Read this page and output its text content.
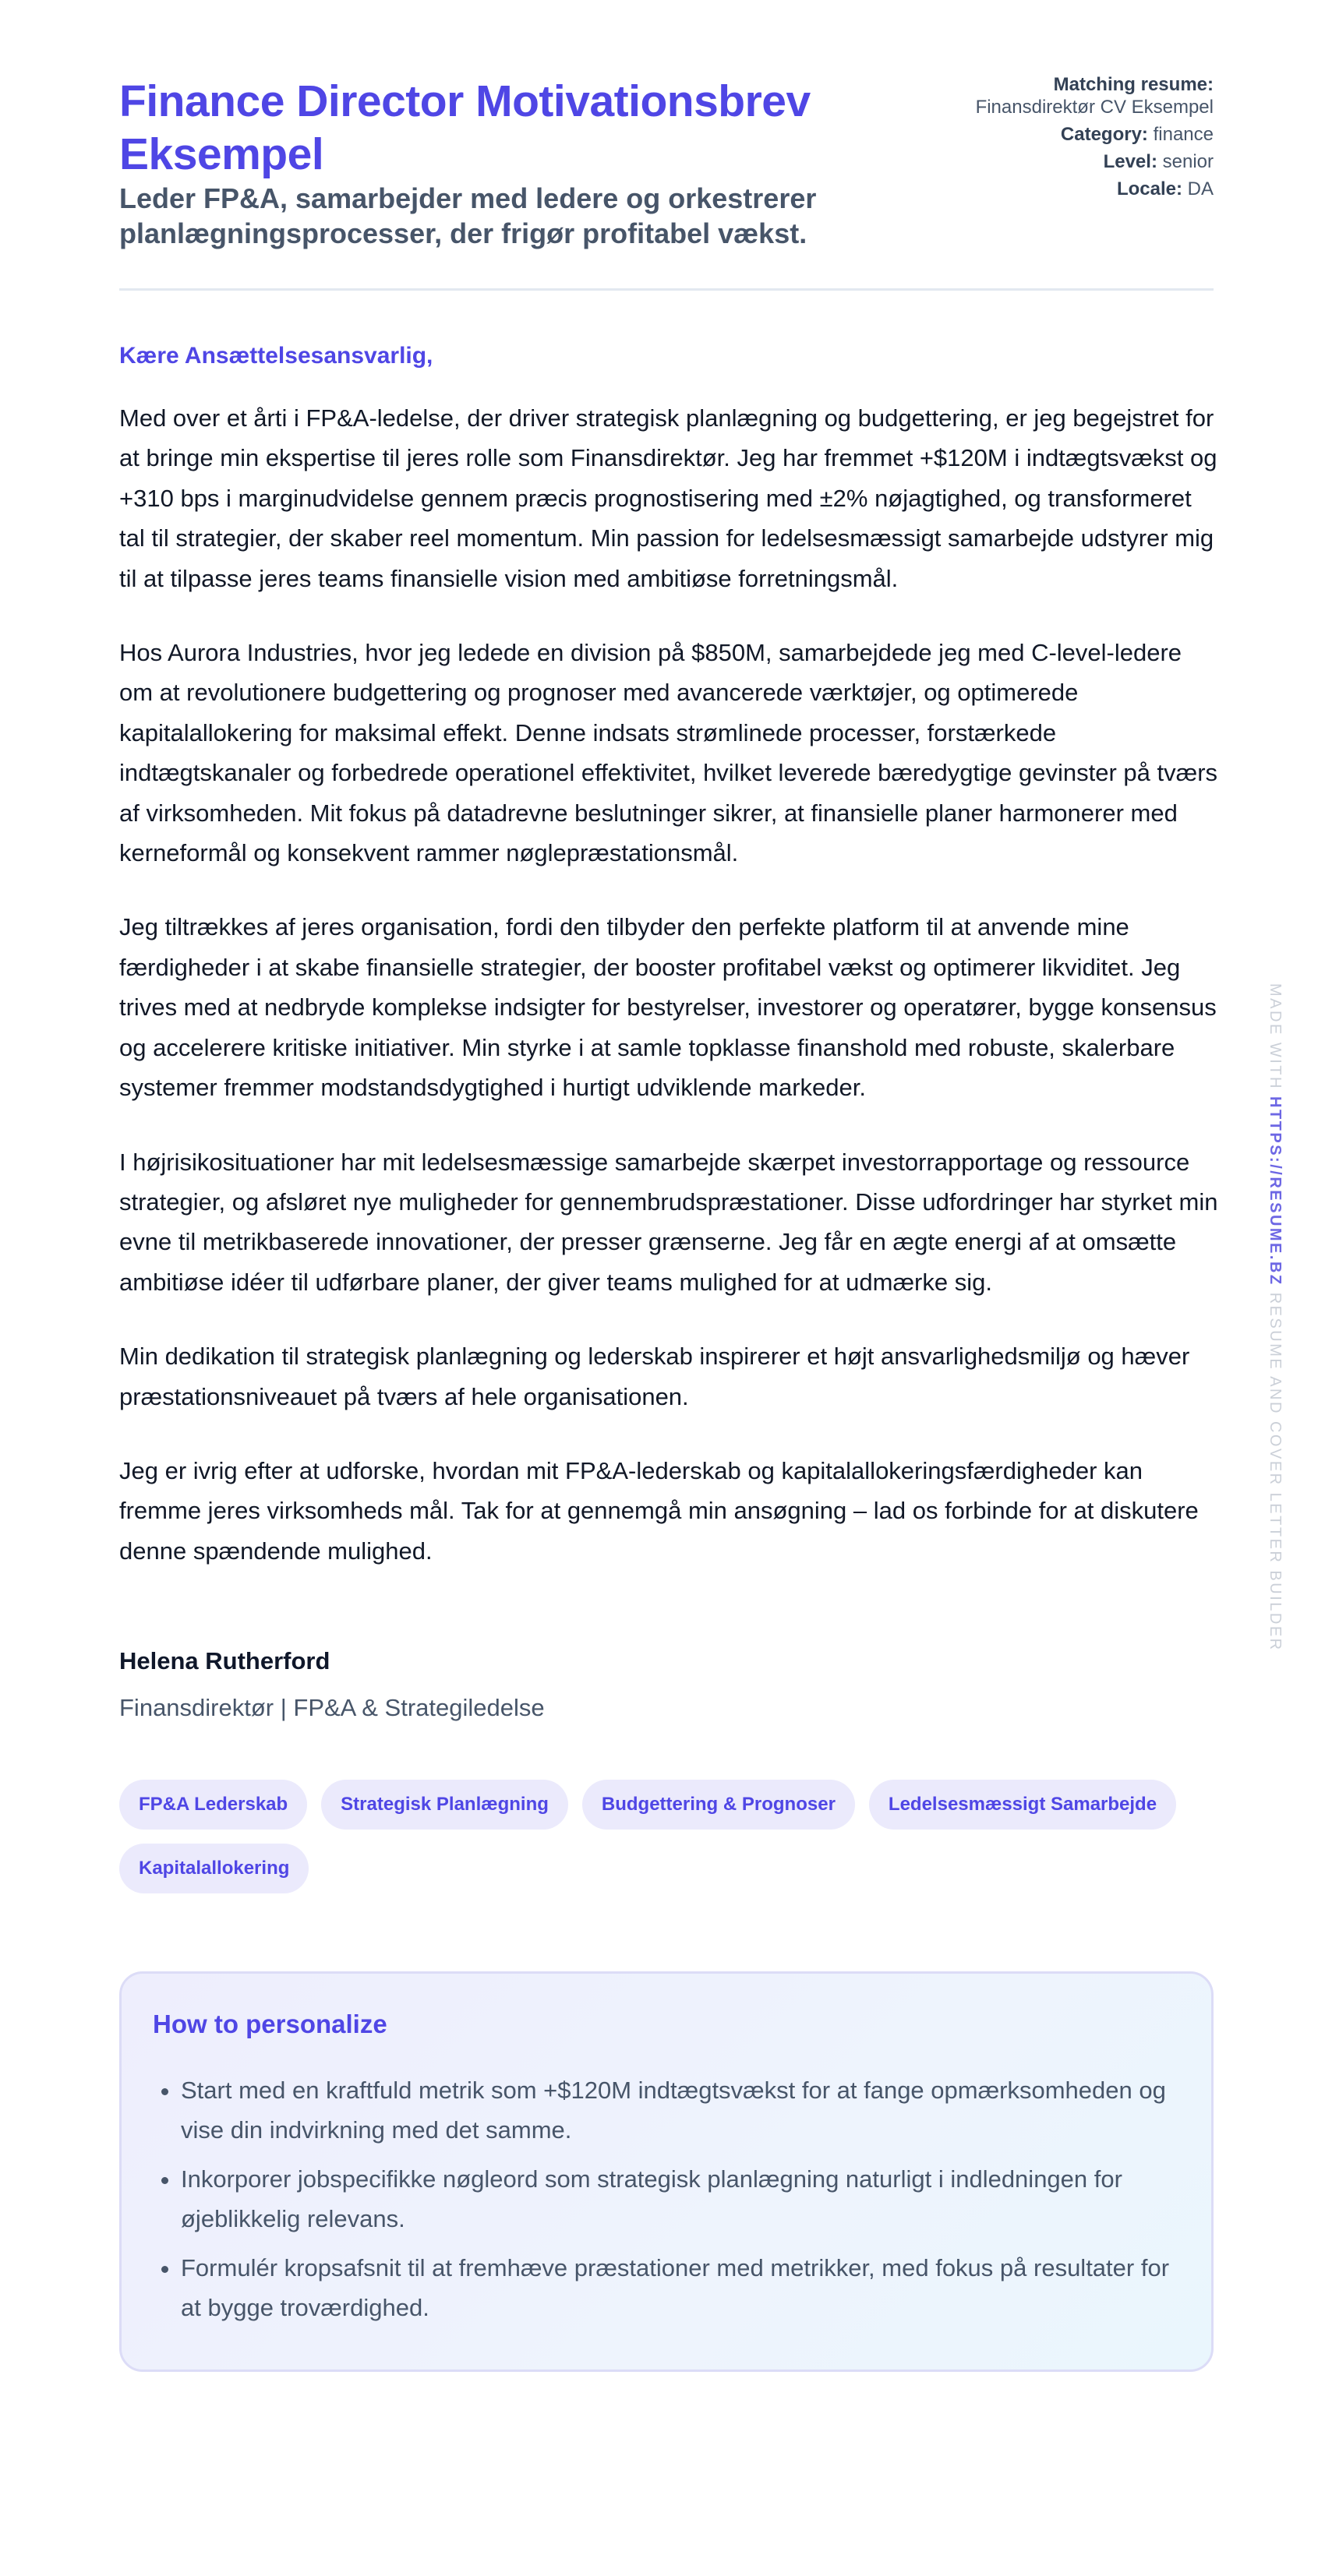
Finance Director Motivationsbrev Eksempel
Leder FP&A, samarbejder med ledere og orkestrerer planlægningsprocesser, der frigør profitabel vækst.
Matching resume:
Finansdirektør CV Eksempel
Category: finance
Level: senior
Locale: DA

Kære Ansættelsesansvarlig,

Med over et årti i FP&A-ledelse, der driver strategisk planlægning og budgettering, er jeg begejstret for at bringe min ekspertise til jeres rolle som Finansdirektør. Jeg har fremmet +$120M i indtægtsvækst og +310 bps i marginudvidelse gennem præcis prognostisering med ±2% nøjagtighed, og transformeret tal til strategier, der skaber reel momentum. Min passion for ledelsesmæssigt samarbejde udstyrer mig til at tilpasse jeres teams finansielle vision med ambitiøse forretningsmål.

Hos Aurora Industries, hvor jeg ledede en division på $850M, samarbejdede jeg med C-level-ledere om at revolutionere budgettering og prognoser med avancerede værktøjer, og optimerede kapitalallokering for maksimal effekt. Denne indsats strømlinede processer, forstærkede indtægtskanaler og forbedrede operationel effektivitet, hvilket leverede bæredygtige gevinster på tværs af virksomheden. Mit fokus på datadrevne beslutninger sikrer, at finansielle planer harmonerer med kerneformål og konsekvent rammer nøglepræstationsmål.

Jeg tiltrækkes af jeres organisation, fordi den tilbyder den perfekte platform til at anvende mine færdigheder i at skabe finansielle strategier, der booster profitabel vækst og optimerer likviditet. Jeg trives med at nedbryde komplekse indsigter for bestyrelser, investorer og operatører, bygge konsensus og accelerere kritiske initiativer. Min styrke i at samle topklasse finanshold med robuste, skalerbare systemer fremmer modstandsdygtighed i hurtigt udviklende markeder.

I højrisikosituationer har mit ledelsesmæssige samarbejde skærpet investorrapportage og ressource strategier, og afsløret nye muligheder for gennembrudspræstationer. Disse udfordringer har styrket min evne til metrikbaserede innovationer, der presser grænserne. Jeg får en ægte energi af at omsætte ambitiøse idéer til udførbare planer, der giver teams mulighed for at udmærke sig.

Min dedikation til strategisk planlægning og lederskab inspirerer et højt ansvarlighedsmiljø og hæver præstationsniveauet på tværs af hele organisationen.

Jeg er ivrig efter at udforske, hvordan mit FP&A-lederskab og kapitalallokeringsfærdigheder kan fremme jeres virksomheds mål. Tak for at gennemgå min ansøgning – lad os forbinde for at diskutere denne spændende mulighed.

Helena Rutherford
Finansdirektør | FP&A & Strategiledelse
FP&A Lederskab	Strategisk Planlægning	Budgettering & Prognoser	Ledelsesmæssigt Samarbejde
Kapitalallokering
How to personalize
• Start med en kraftfuld metrik som +$120M indtægtsvækst for at fange opmærksomheden og vise din indvirkning med det samme.
• Inkorporer jobspecifikke nøgleord som strategisk planlægning naturligt i indledningen for øjeblikkelig relevans.
• Formulér kropsafsnit til at fremhæve præstationer med metrikker, med fokus på resultater for at bygge troværdighed.
MADE WITH HTTPS://RESUME.BZ RESUME AND COVER LETTER BUILDER
